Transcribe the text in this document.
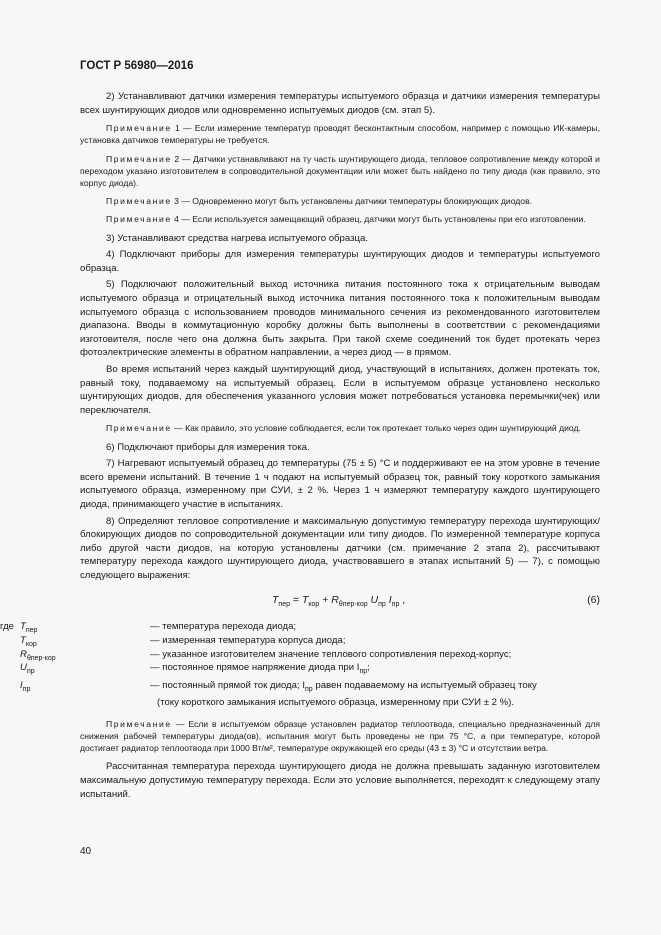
ГОСТ Р 56980—2016

2) Устанавливают датчики измерения температуры испытуемого образца и датчики измерения температуры всех шунтирующих диодов или одновременно испытуемых диодов (см. этап 5).

Примечание 1 — Если измерение температур проводят бесконтактным способом, например с помощью ИК-камеры, установка датчиков температуры не требуется.

Примечание 2 — Датчики устанавливают на ту часть шунтирующего диода, тепловое сопротивление между которой и переходом указано изготовителем в сопроводительной документации или может быть найдено по типу диода (как правило, это корпус диода).

Примечание 3 — Одновременно могут быть установлены датчики температуры блокирующих диодов.

Примечание 4 — Если используется замещающий образец, датчики могут быть установлены при его изготовлении.

3) Устанавливают средства нагрева испытуемого образца.

4) Подключают приборы для измерения температуры шунтирующих диодов и температуры испытуемого образца.

5) Подключают положительный выход источника питания постоянного тока к отрицательным выводам испытуемого образца и отрицательный выход источника питания постоянного тока к положительным выводам испытуемого образца с использованием проводов минимального сечения из рекомендованного изготовителем диапазона. Вводы в коммутационную коробку должны быть выполнены в соответствии с рекомендациями изготовителя, после чего она должна быть закрыта. При такой схеме соединений ток будет протекать через фотоэлектрические элементы в обратном направлении, а через диод — в прямом.

Во время испытаний через каждый шунтирующий диод, участвующий в испытаниях, должен протекать ток, равный току, подаваемому на испытуемый образец. Если в испытуемом образце установлено несколько шунтирующих диодов, для обеспечения указанного условия может потребоваться установка перемычки(чек) или переключателя.

Примечание — Как правило, это условие соблюдается, если ток протекает только через один шунтирующий диод.

6) Подключают приборы для измерения тока.

7) Нагревают испытуемый образец до температуры (75 ± 5) °С и поддерживают ее на этом уровне в течение всего времени испытаний. В течение 1 ч подают на испытуемый образец ток, равный току короткого замыкания испытуемого образца, измеренному при СУИ, ± 2 %. Через 1 ч измеряют температуру каждого шунтирующего диода, принимающего участие в испытаниях.

8) Определяют тепловое сопротивление и максимальную допустимую температуру перехода шунтирующих/блокирующих диодов по сопроводительной документации или типу диодов. По измеренной температуре корпуса либо другой части диодов, на которую установлены датчики (см. примечание 2 этапа 2), рассчитывают температуру перехода каждого шунтирующего диода, участвовавшего в этапах испытаний 5) — 7), с помощью следующего выражения:

$T_{пер} = T_{кор} + R_{\theta пер-кор}$ $U_{пр}$ $I_{пр}$ ,	(6)
где $T_{пер}$	— температура перехода диода;
$T_{кор}$	— измеренная температура корпуса диода;
$R_{\theta пер-кор}$	— указанное изготовителем значение теплового сопротивления переход-корпус;
$U_{пр}$	— постоянное прямое напряжение диода при $I_{пр}$;
$I_{пр}$	— постоянный прямой ток диода; $I_{пр}$ равен подаваемому на испытуемый образец току
(току короткого замыкания испытуемого образца, измеренному при СУИ ± 2 %).

Примечание — Если в испытуемом образце установлен радиатор теплоотвода, специально предназначенный для снижения рабочей температуры диода(ов), испытания могут быть проведены не при 75 °С, а при температуре, которой достигает радиатор теплоотвода при 1000 Вт/м², температуре окружающей его среды (43 ± 3) °С и отсутствии ветра.

Рассчитанная температура перехода шунтирующего диода не должна превышать заданную изготовителем максимальную допустимую температуру перехода. Если это условие выполняется, переходят к следующему этапу испытаний.

40
